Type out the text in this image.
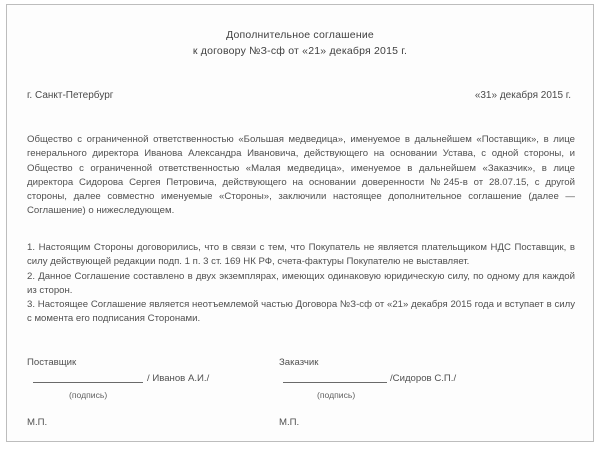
Дополнительное соглашение
к договору №З-сф от «21» декабря 2015 г.
г. Санкт-Петербург	«31» декабря 2015 г.
Общество с ограниченной ответственностью «Большая медведица», именуемое в дальнейшем «Поставщик», в лице генерального директора Иванова Александра Ивановича, действующего на основании Устава, с одной стороны, и Общество с ограниченной ответственностью «Малая медведица», именуемое в дальнейшем «Заказчик», в лице директора Сидорова Сергея Петровича, действующего на основании доверенности №245-в от 28.07.15, с другой стороны, далее совместно именуемые «Стороны», заключили настоящее дополнительное соглашение (далее — Соглашение) о нижеследующем.
1. Настоящим Стороны договорились, что в связи с тем, что Покупатель не является плательщиком НДС Поставщик, в силу действующей редакции подп. 1 п. 3 ст. 169 НК РФ, счета-фактуры Покупателю не выставляет.
2. Данное Соглашение составлено в двух экземплярах, имеющих одинаковую юридическую силу, по одному для каждой из сторон.
3. Настоящее Соглашение является неотъемлемой частью Договора №З-сф от «21» декабря 2015 года и вступает в силу с момента его подписания Сторонами.
Поставщик
/ Иванов А.И./
(подпись)
М.П.
Заказчик
/Сидоров С.П./
(подпись)
М.П.
